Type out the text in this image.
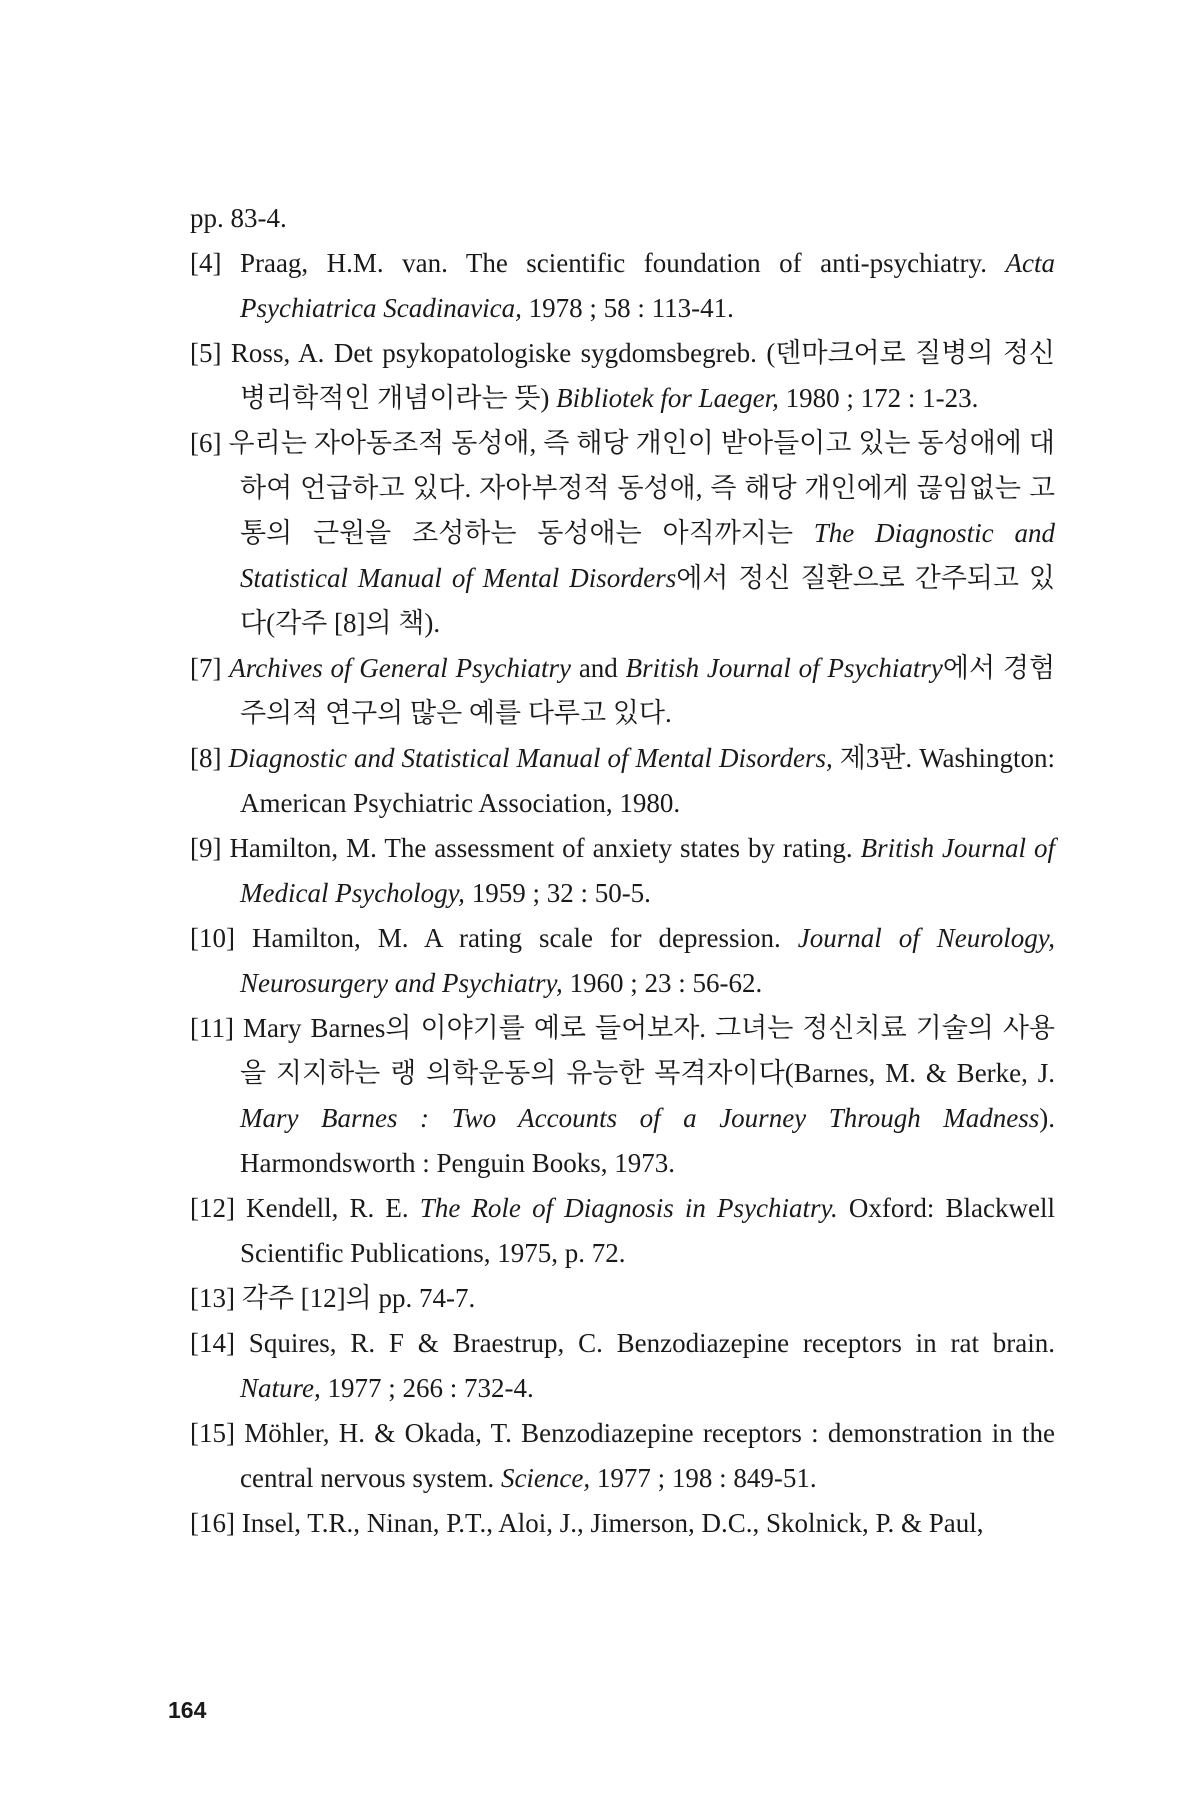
pp. 83-4.

[4] Praag, H.M. van. The scientific foundation of anti-psychiatry. Acta Psychiatrica Scadinavica, 1978 ; 58 : 113-41.

[5] Ross, A. Det psykopatologiske sygdomsbegreb. (덴마크어로 질병의 정신병리학적인 개념이라는 뜻) Bibliotek for Laeger, 1980 ; 172 : 1-23.

[6] 우리는 자아동조적 동성애, 즉 해당 개인이 받아들이고 있는 동성애에 대하여 언급하고 있다. 자아부정적 동성애, 즉 해당 개인에게 끊임없는 고통의 근원을 조성하는 동성애는 아직까지는 The Diagnostic and Statistical Manual of Mental Disorders에서 정신 질환으로 간주되고 있다(각주 [8]의 책).

[7] Archives of General Psychiatry and British Journal of Psychiatry에서 경험주의적 연구의 많은 예를 다루고 있다.

[8] Diagnostic and Statistical Manual of Mental Disorders, 제3판. Washington: American Psychiatric Association, 1980.

[9] Hamilton, M. The assessment of anxiety states by rating. British Journal of Medical Psychology, 1959 ; 32 : 50-5.

[10] Hamilton, M. A rating scale for depression. Journal of Neurology, Neurosurgery and Psychiatry, 1960 ; 23 : 56-62.

[11] Mary Barnes의 이야기를 예로 들어보자. 그녀는 정신치료 기술의 사용을 지지하는 랭 의학운동의 유능한 목격자이다(Barnes, M. & Berke, J. Mary Barnes : Two Accounts of a Journey Through Madness). Harmondsworth : Penguin Books, 1973.

[12] Kendell, R. E. The Role of Diagnosis in Psychiatry. Oxford: Blackwell Scientific Publications, 1975, p. 72.

[13] 각주 [12]의 pp. 74-7.

[14] Squires, R. F & Braestrup, C. Benzodiazepine receptors in rat brain. Nature, 1977 ; 266 : 732-4.

[15] Möhler, H. & Okada, T. Benzodiazepine receptors : demonstration in the central nervous system. Science, 1977 ; 198 : 849-51.

[16] Insel, T.R., Ninan, P.T., Aloi, J., Jimerson, D.C., Skolnick, P. & Paul,

164
